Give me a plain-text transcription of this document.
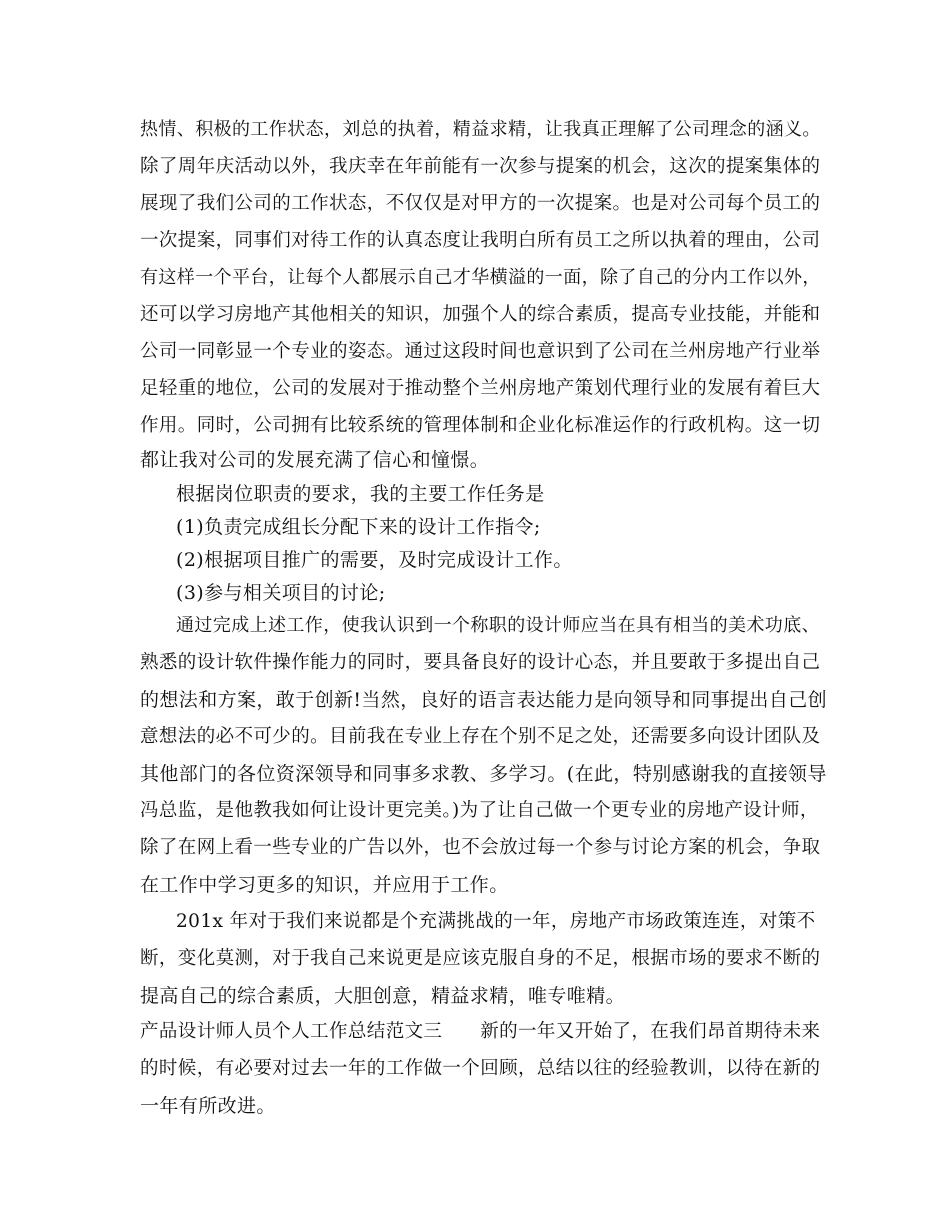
热情、积极的工作状态，刘总的执着，精益求精，让我真正理解了公司理念的涵义。
除了周年庆活动以外，我庆幸在年前能有一次参与提案的机会，这次的提案集体的
展现了我们公司的工作状态，不仅仅是对甲方的一次提案。也是对公司每个员工的
一次提案，同事们对待工作的认真态度让我明白所有员工之所以执着的理由，公司
有这样一个平台，让每个人都展示自己才华横溢的一面，除了自己的分内工作以外，
还可以学习房地产其他相关的知识，加强个人的综合素质，提高专业技能，并能和
公司一同彰显一个专业的姿态。通过这段时间也意识到了公司在兰州房地产行业举
足轻重的地位，公司的发展对于推动整个兰州房地产策划代理行业的发展有着巨大
作用。同时，公司拥有比较系统的管理体制和企业化标准运作的行政机构。这一切
都让我对公司的发展充满了信心和憧憬。
根据岗位职责的要求，我的主要工作任务是
(1)负责完成组长分配下来的设计工作指令;
(2)根据项目推广的需要，及时完成设计工作。
(3)参与相关项目的讨论;
通过完成上述工作，使我认识到一个称职的设计师应当在具有相当的美术功底、
熟悉的设计软件操作能力的同时，要具备良好的设计心态，并且要敢于多提出自己
的想法和方案，敢于创新!当然，良好的语言表达能力是向领导和同事提出自己创
意想法的必不可少的。目前我在专业上存在个别不足之处，还需要多向设计团队及
其他部门的各位资深领导和同事多求教、多学习。(在此，特别感谢我的直接领导
冯总监，是他教我如何让设计更完美。)为了让自己做一个更专业的房地产设计师，
除了在网上看一些专业的广告以外，也不会放过每一个参与讨论方案的机会，争取
在工作中学习更多的知识，并应用于工作。
201x 年对于我们来说都是个充满挑战的一年，房地产市场政策连连，对策不
断，变化莫测，对于我自己来说更是应该克服自身的不足，根据市场的要求不断的
提高自己的综合素质，大胆创意，精益求精，唯专唯精。
产品设计师人员个人工作总结范文三　　新的一年又开始了，在我们昂首期待未来
的时候，有必要对过去一年的工作做一个回顾，总结以往的经验教训，以待在新的
一年有所改进。
